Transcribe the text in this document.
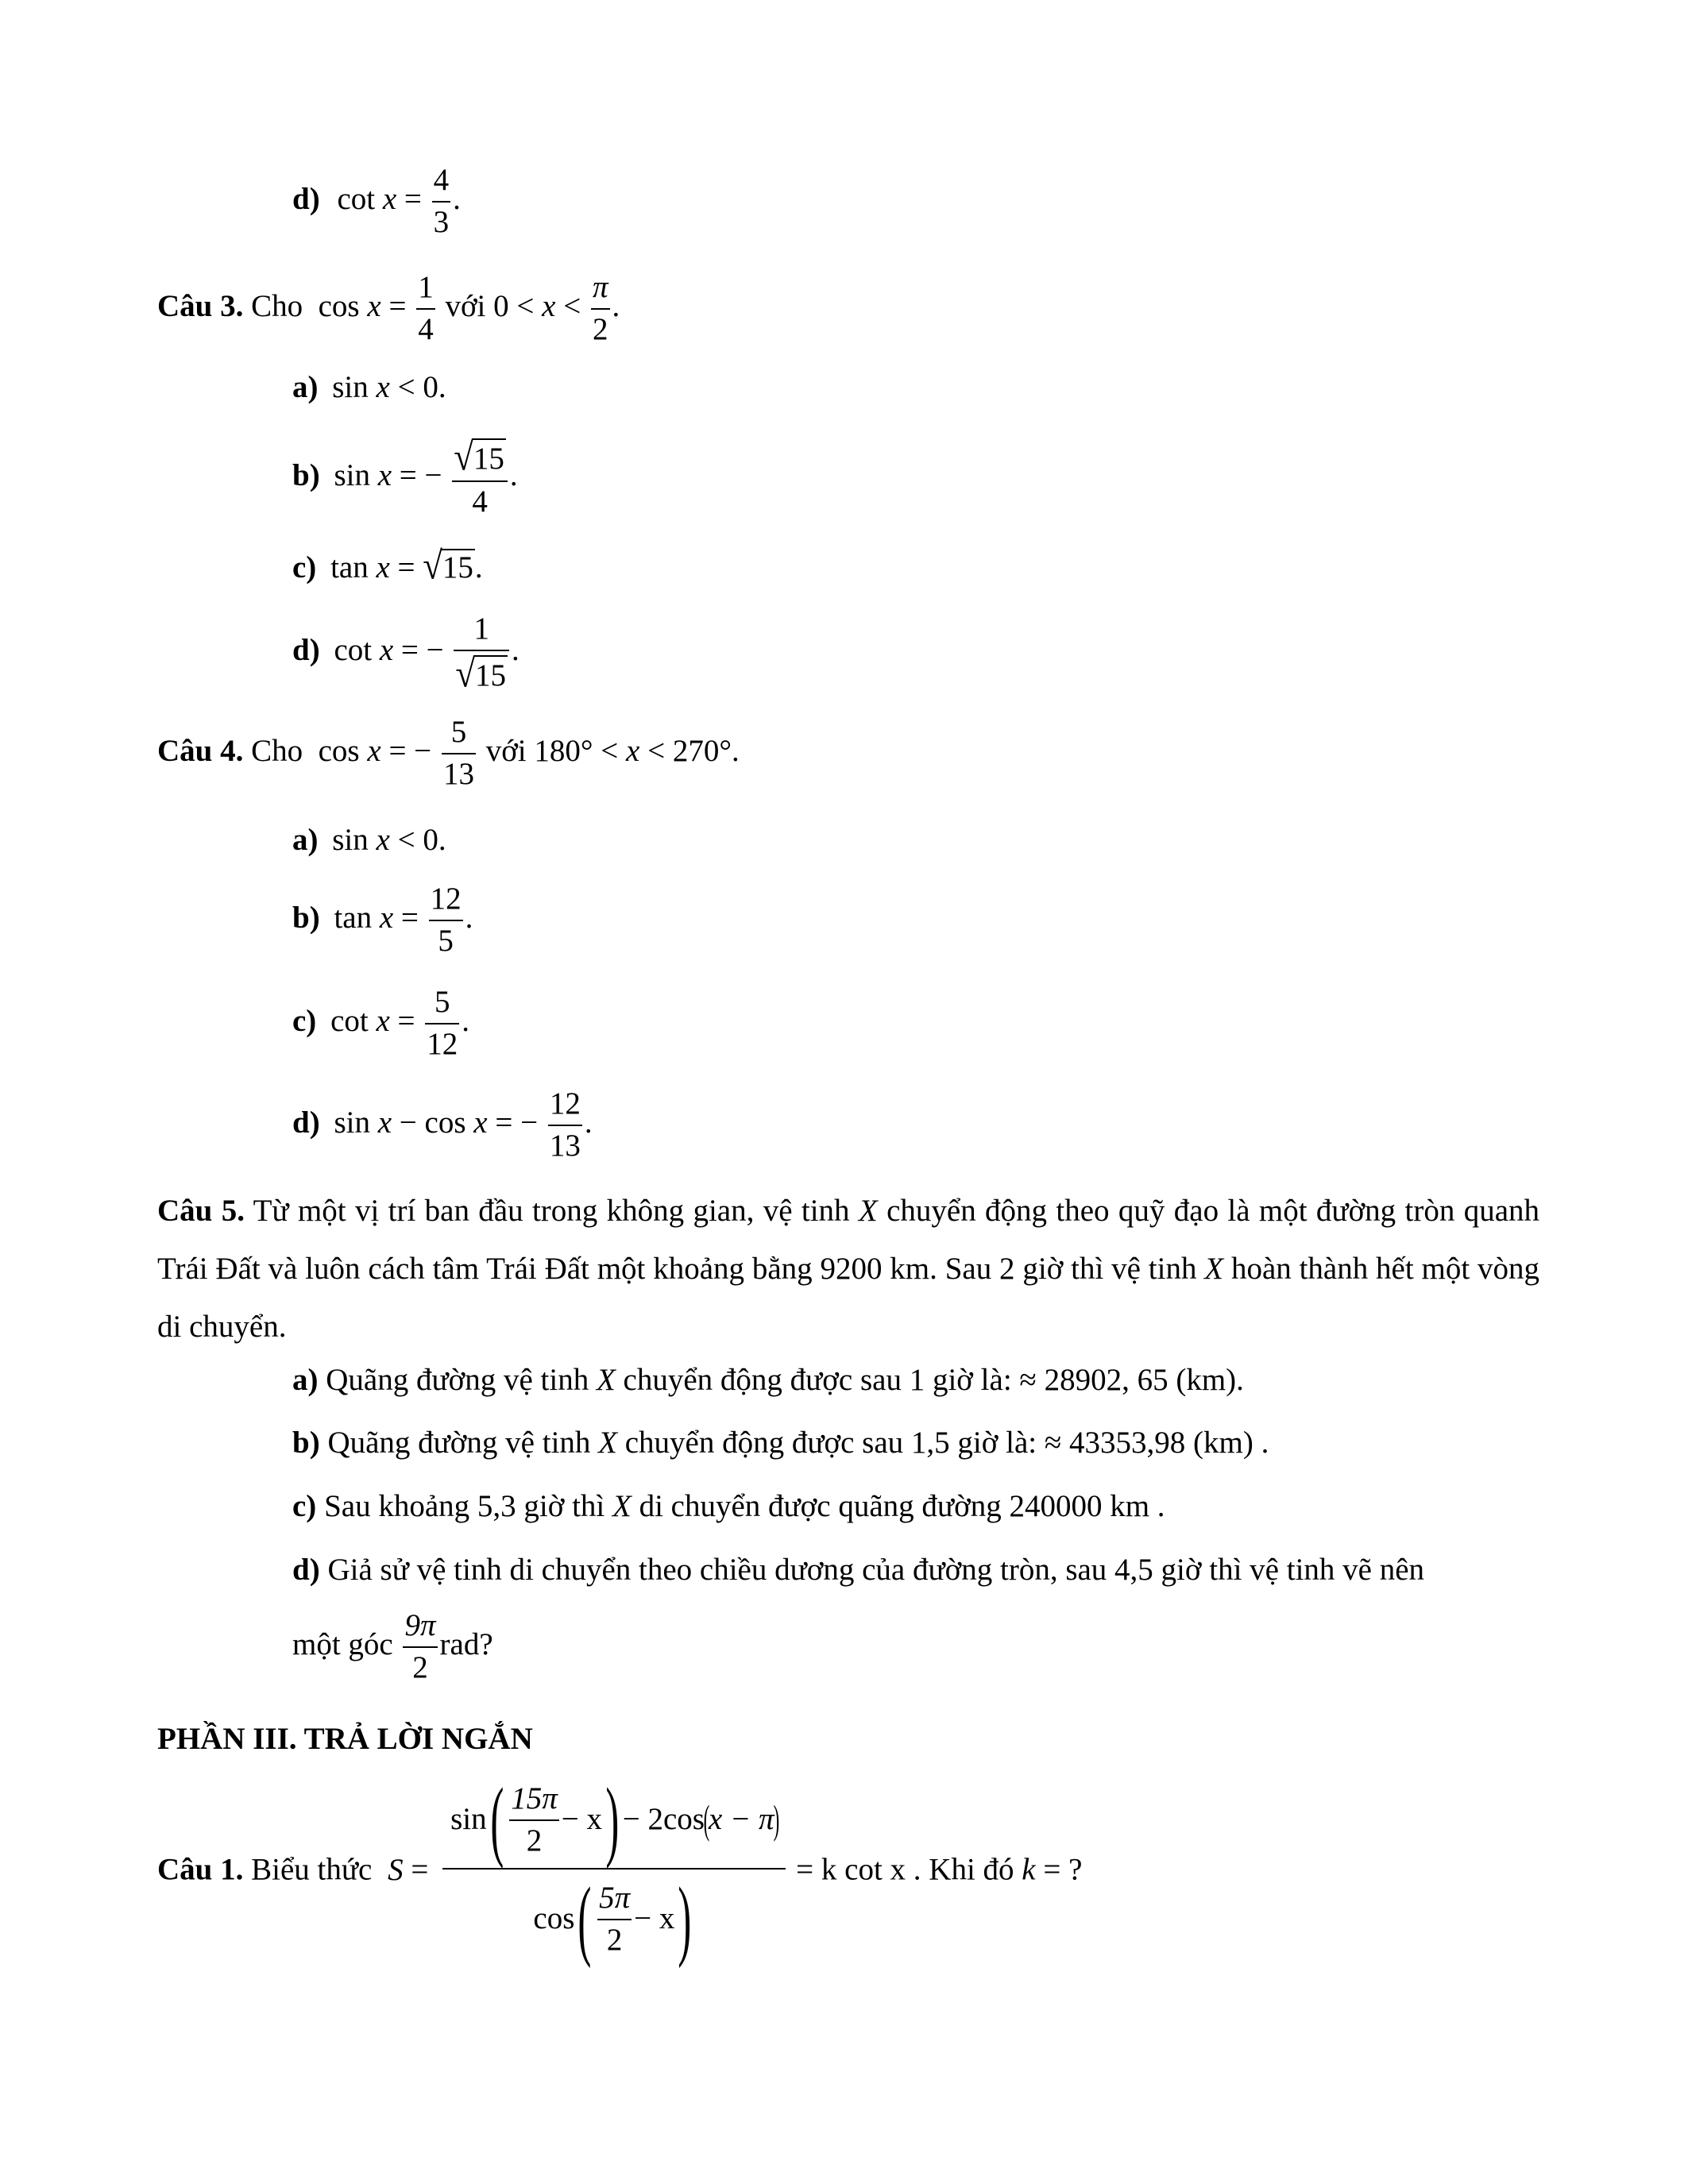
d) $\cot x = \frac{4}{3}$ .
Câu 3. Cho $\cos x = \frac{1}{4}$ với $0 < x < \frac{\pi}{2}$ .
a) sin x < 0.
b) sin x = − $\frac{√15}{4}$ .
c) tan x = √15.
d) cot x = − $\frac{1}{√15}$ .
Câu 4. Cho cos x = − $\frac{5}{13}$ với 180° < x < 270°.
a) sin x < 0.
b) $\tan x = \frac{12}{5}$ .
c) $\cot x = \frac{5}{12}$ .
d) sin x − cos x = − $\frac{12}{13}$ .
Câu 5. Từ một vị trí ban đầu trong không gian, vệ tinh X chuyển động theo quỹ đạo là một đường tròn quanh Trái Đất và luôn cách tâm Trái Đất một khoảng bằng 9200 km. Sau 2 giờ thì vệ tinh X hoàn thành hết một vòng di chuyển.
a) Quãng đường vệ tinh X chuyển động được sau 1 giờ là: ≈ 28902, 65 (km).
b) Quãng đường vệ tinh X chuyển động được sau 1,5 giờ là: ≈ 43353,98 (km) .
c) Sau khoảng 5,3 giờ thì X di chuyển được quãng đường 240000 km .
d) Giả sử vệ tinh di chuyển theo chiều dương của đường tròn, sau 4,5 giờ thì vệ tinh vẽ nên
một góc $\frac{9\pi}{2}$ rad?
PHẦN III. TRẢ LỜI NGẮN
Câu 1. Biểu thức $S = \frac{\sin( \frac{15\pi}{2} - x) - 2\cos(x - \pi)}{\cos( \frac{5\pi}{2} - x)} = k$ cot x . Khi đó k = ?
